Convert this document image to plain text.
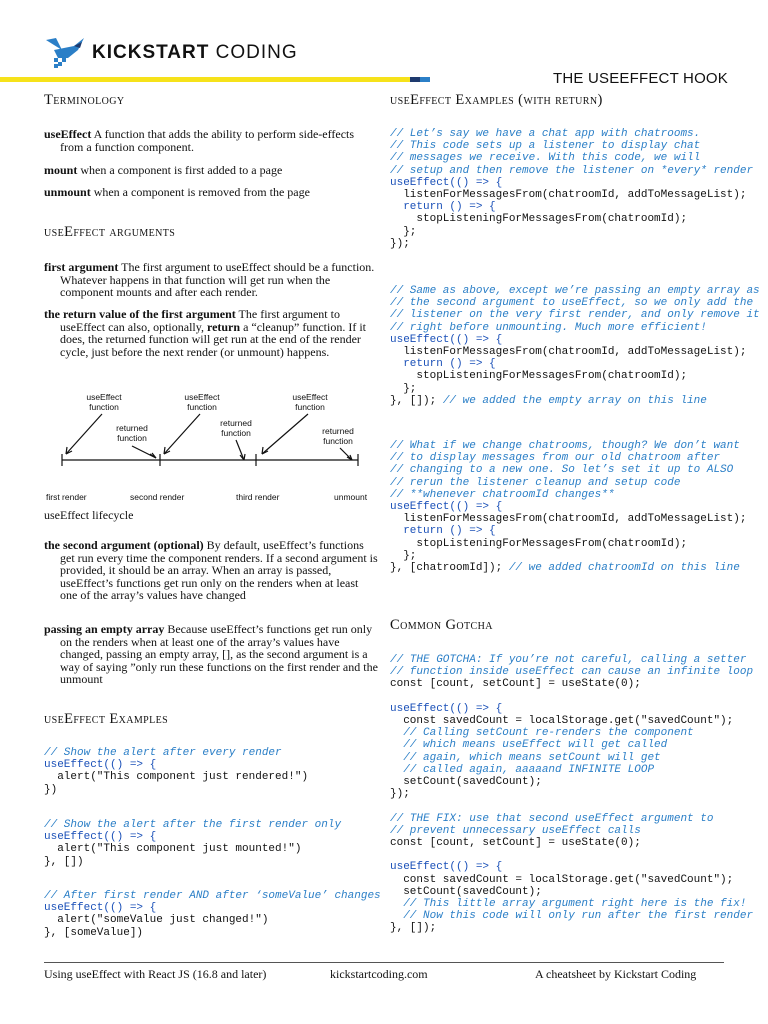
KICKSTART CODING
THE USEEFFECT HOOK
Terminology
useEffect A function that adds the ability to perform side-effects from a function component.
mount when a component is first added to a page
unmount when a component is removed from the page
useEffect arguments
first argument The first argument to useEffect should be a function. Whatever happens in that function will get run when the component mounts and after each render.
the return value of the first argument The first argument to useEffect can also, optionally, return a “cleanup” function. If it does, the returned function will get run at the end of the render cycle, just before the next render (or unmount) happens.
useEffect
function
useEffect
function
useEffect
function
returned
function
returned
function	returned
function
first render	second render	third render	unmount
useEffect lifecycle
the second argument (optional) By default, useEffect’s functions get run every time the component renders. If a second argument is provided, it should be an array. When an array is passed, useEffect’s functions get run only on the renders when at least one of the array’s values have changed
passing an empty array Because useEffect’s functions get run only on the renders when at least one of the array’s values have changed, passing an empty array, [], as the second argument is a way of saying ”only run these functions on the first render and the unmount
useEffect Examples
// Show the alert after every render
useEffect(() => {
alert("This component just rendered!")
})
// Show the alert after the first render only
useEffect(() => {
alert("This component just mounted!")
}, [])
// After first render AND after ‘someValue’ changes
useEffect(() => {
alert("someValue just changed!")
}, [someValue])
useEffect Examples (with return)
// Let’s say we have a chat app with chatrooms.
// This code sets up a listener to display chat
// messages we receive. With this code, we will
// setup and then remove the listener on *every* render
useEffect(() => {
listenForMessagesFrom(chatroomId, addToMessageList);
return () => {
stopListeningForMessagesFrom(chatroomId);
};
});
// Same as above, except we’re passing an empty array as
// the second argument to useEffect, so we only add the
// listener on the very first render, and only remove it
// right before unmounting. Much more efficient!
useEffect(() => {
listenForMessagesFrom(chatroomId, addToMessageList);
return () => {
stopListeningForMessagesFrom(chatroomId);
};
}, []); // we added the empty array on this line
// What if we change chatrooms, though? We don’t want
// to display messages from our old chatroom after
// changing to a new one. So let’s set it up to ALSO
// rerun the listener cleanup and setup code
// **whenever chatroomId changes**
useEffect(() => {
listenForMessagesFrom(chatroomId, addToMessageList);
return () => {
stopListeningForMessagesFrom(chatroomId);
};
}, [chatroomId]); // we added chatroomId on this line
Common Gotcha
// THE GOTCHA: If you’re not careful, calling a setter
// function inside useEffect can cause an infinite loop
const [count, setCount] = useState(0);

useEffect(() => {
const savedCount = localStorage.get("savedCount");
// Calling setCount re-renders the component
// which means useEffect will get called
// again, which means setCount will get
// called again, aaaaand INFINITE LOOP
setCount(savedCount);
});

// THE FIX: use that second useEffect argument to
// prevent unnecessary useEffect calls
const [count, setCount] = useState(0);

useEffect(() => {
const savedCount = localStorage.get("savedCount");
setCount(savedCount);
// This little array argument right here is the fix!
// Now this code will only run after the first render
}, []);
Using useEffect with React JS (16.8 and later)	kickstartcoding.com	A cheatsheet by Kickstart Coding
